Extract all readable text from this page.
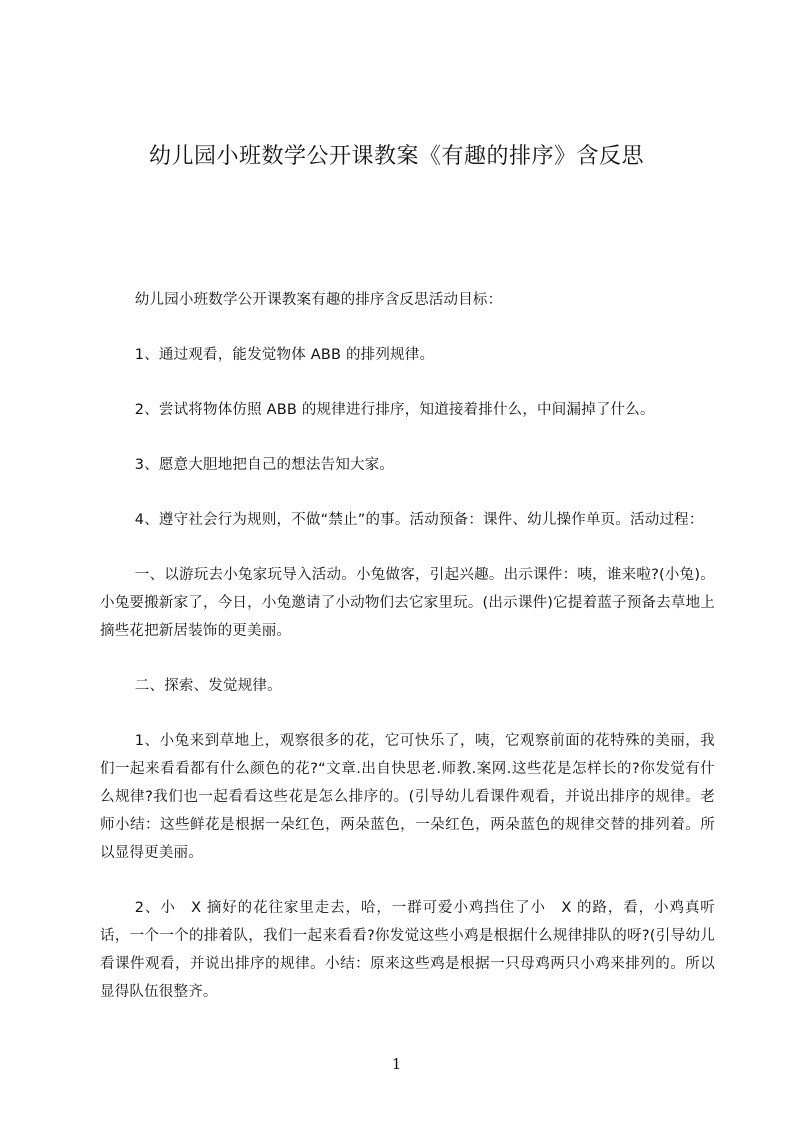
幼儿园小班数学公开课教案《有趣的排序》含反思

幼儿园小班数学公开课教案有趣的排序含反思活动目标：

1、通过观看，能发觉物体 ABB 的排列规律。

2、尝试将物体仿照 ABB 的规律进行排序，知道接着排什么，中间漏掉了什么。

3、愿意大胆地把自己的想法告知大家。

4、遵守社会行为规则，不做“禁止”的事。活动预备：课件、幼儿操作单页。活动过程：

一、以游玩去小兔家玩导入活动。小兔做客，引起兴趣。出示课件：咦，谁来啦?(小兔)。小兔要搬新家了，今日，小兔邀请了小动物们去它家里玩。(出示课件)它提着蓝子预备去草地上摘些花把新居装饰的更美丽。

二、探索、发觉规律。

1、小兔来到草地上，观察很多的花，它可快乐了，咦，它观察前面的花特殊的美丽，我们一起来看看都有什么颜色的花?“文章.出自快思老.师教.案网.这些花是怎样长的?你发觉有什么规律?我们也一起看看这些花是怎么排序的。(引导幼儿看课件观看，并说出排序的规律。老师小结：这些鲜花是根据一朵红色，两朵蓝色，一朵红色，两朵蓝色的规律交替的排列着。所以显得更美丽。

2、小　X 摘好的花往家里走去，哈，一群可爱小鸡挡住了小　X 的路，看，小鸡真听话，一个一个的排着队，我们一起来看看?你发觉这些小鸡是根据什么规律排队的呀?(引导幼儿看课件观看，并说出排序的规律。小结：原来这些鸡是根据一只母鸡两只小鸡来排列的。所以显得队伍很整齐。

1
